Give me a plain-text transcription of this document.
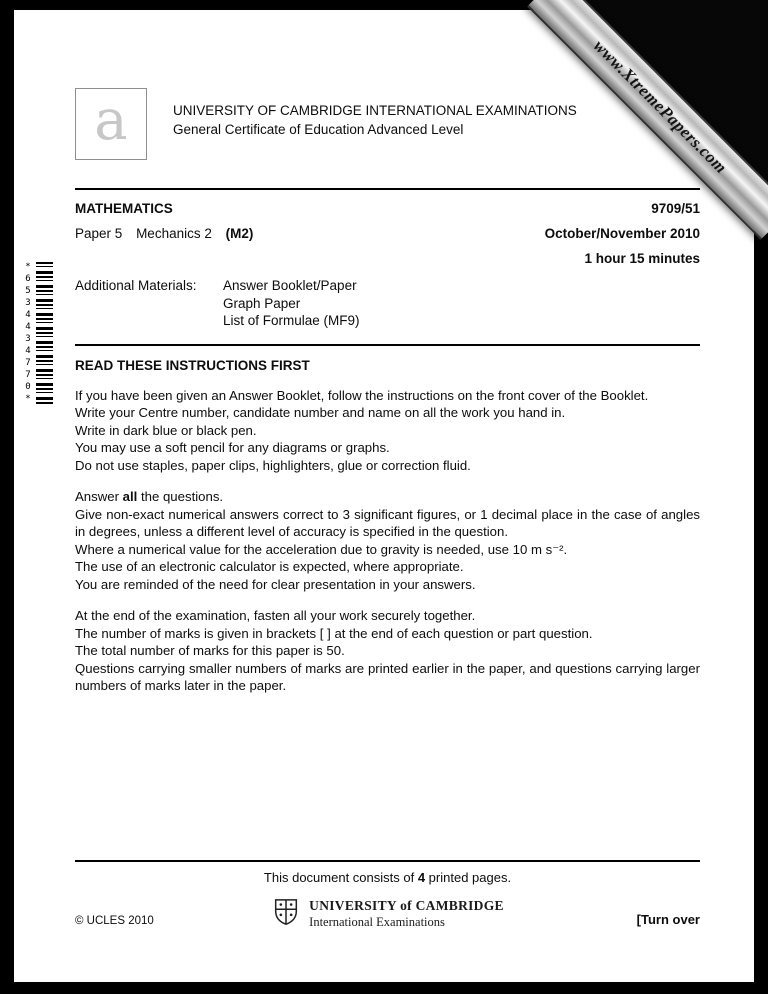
*6534434770*
a	UNIVERSITY OF CAMBRIDGE INTERNATIONAL EXAMINATIONS
General Certificate of Education Advanced Level
MATHEMATICS	9709/51
Paper 5 Mechanics 2 (M2)	October/November 2010
1 hour 15 minutes
Additional Materials:	Answer Booklet/Paper
Graph Paper
List of Formulae (MF9)
READ THESE INSTRUCTIONS FIRST
If you have been given an Answer Booklet, follow the instructions on the front cover of the Booklet.
Write your Centre number, candidate number and name on all the work you hand in.
Write in dark blue or black pen.
You may use a soft pencil for any diagrams or graphs.
Do not use staples, paper clips, highlighters, glue or correction fluid.
Answer all the questions.
Give non-exact numerical answers correct to 3 significant figures, or 1 decimal place in the case of angles in degrees, unless a different level of accuracy is specified in the question.
Where a numerical value for the acceleration due to gravity is needed, use 10 m s⁻².
The use of an electronic calculator is expected, where appropriate.
You are reminded of the need for clear presentation in your answers.
At the end of the examination, fasten all your work securely together.
The number of marks is given in brackets [ ] at the end of each question or part question.
The total number of marks for this paper is 50.
Questions carrying smaller numbers of marks are printed earlier in the paper, and questions carrying larger numbers of marks later in the paper.
This document consists of 4 printed pages.
© UCLES 2010
UNIVERSITY of CAMBRIDGE
International Examinations	[Turn over
www.XtremePapers.com
